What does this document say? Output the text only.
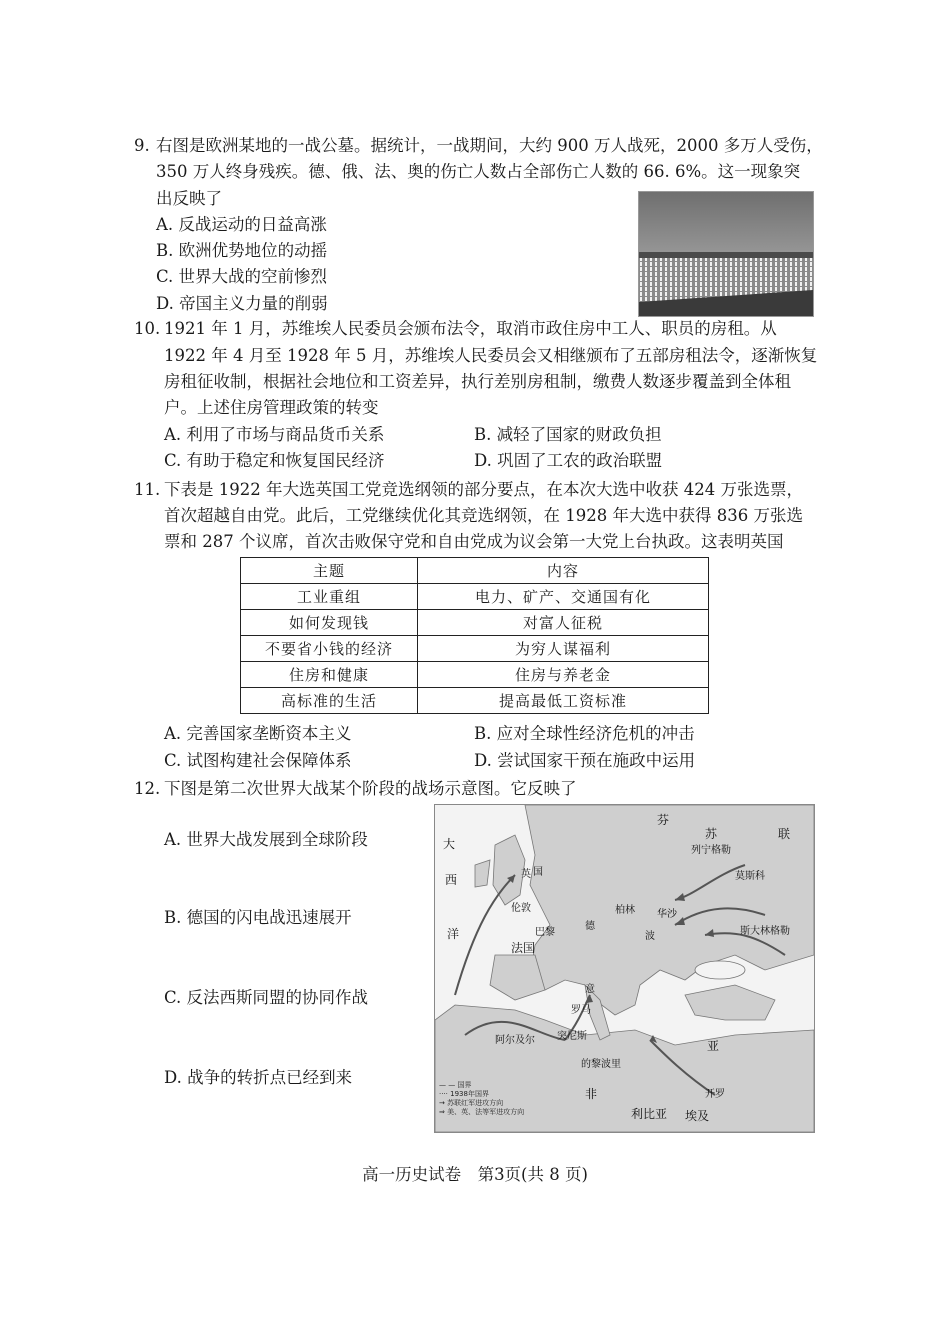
9. 右图是欧洲某地的一战公墓。据统计，一战期间，大约 900 万人战死，2000 多万人受伤，
350 万人终身残疾。德、俄、法、奥的伤亡人数占全部伤亡人数的 66. 6%。这一现象突
出反映了
A. 反战运动的日益高涨
B. 欧洲优势地位的动摇
C. 世界大战的空前惨烈
D. 帝国主义力量的削弱
10. 1921 年 1 月，苏维埃人民委员会颁布法令，取消市政住房中工人、职员的房租。从
1922 年 4 月至 1928 年 5 月，苏维埃人民委员会又相继颁布了五部房租法令，逐渐恢复
房租征收制，根据社会地位和工资差异，执行差别房租制，缴费人数逐步覆盖到全体租
户。上述住房管理政策的转变
A. 利用了市场与商品货币关系	B. 减轻了国家的财政负担
C. 有助于稳定和恢复国民经济	D. 巩固了工农的政治联盟
11. 下表是 1922 年大选英国工党竞选纲领的部分要点，在本次大选中收获 424 万张选票，
首次超越自由党。此后，工党继续优化其竞选纲领，在 1928 年大选中获得 836 万张选
票和 287 个议席，首次击败保守党和自由党成为议会第一大党上台执政。这表明英国
主题	内容
工业重组	电力、矿产、交通国有化
如何发现钱	对富人征税
不要省小钱的经济	为穷人谋福利
住房和健康	住房与养老金
高标准的生活	提高最低工资标准
A. 完善国家垄断资本主义	B. 应对全球性经济危机的冲击
C. 试图构建社会保障体系	D. 尝试国家干预在施政中运用
12. 下图是第二次世界大战某个阶段的战场示意图。它反映了
A. 世界大战发展到全球阶段
B. 德国的闪电战迅速展开
C. 反法西斯同盟的协同作战
D. 战争的转折点已经到来
芬
苏	联
列宁格勒
莫斯科
伦敦	柏林 华沙
斯大林格勒
法国
巴黎
罗马
阿尔及尔 突尼斯
的黎波里
开罗
利比亚 埃及
大
西
洋
英
德
波
亚
非
意
国
— — 国界
···· 1938年国界
→ 苏联红军进攻方向
⇒ 美、英、法等军进攻方向
高一历史试卷　第3页(共 8 页)
